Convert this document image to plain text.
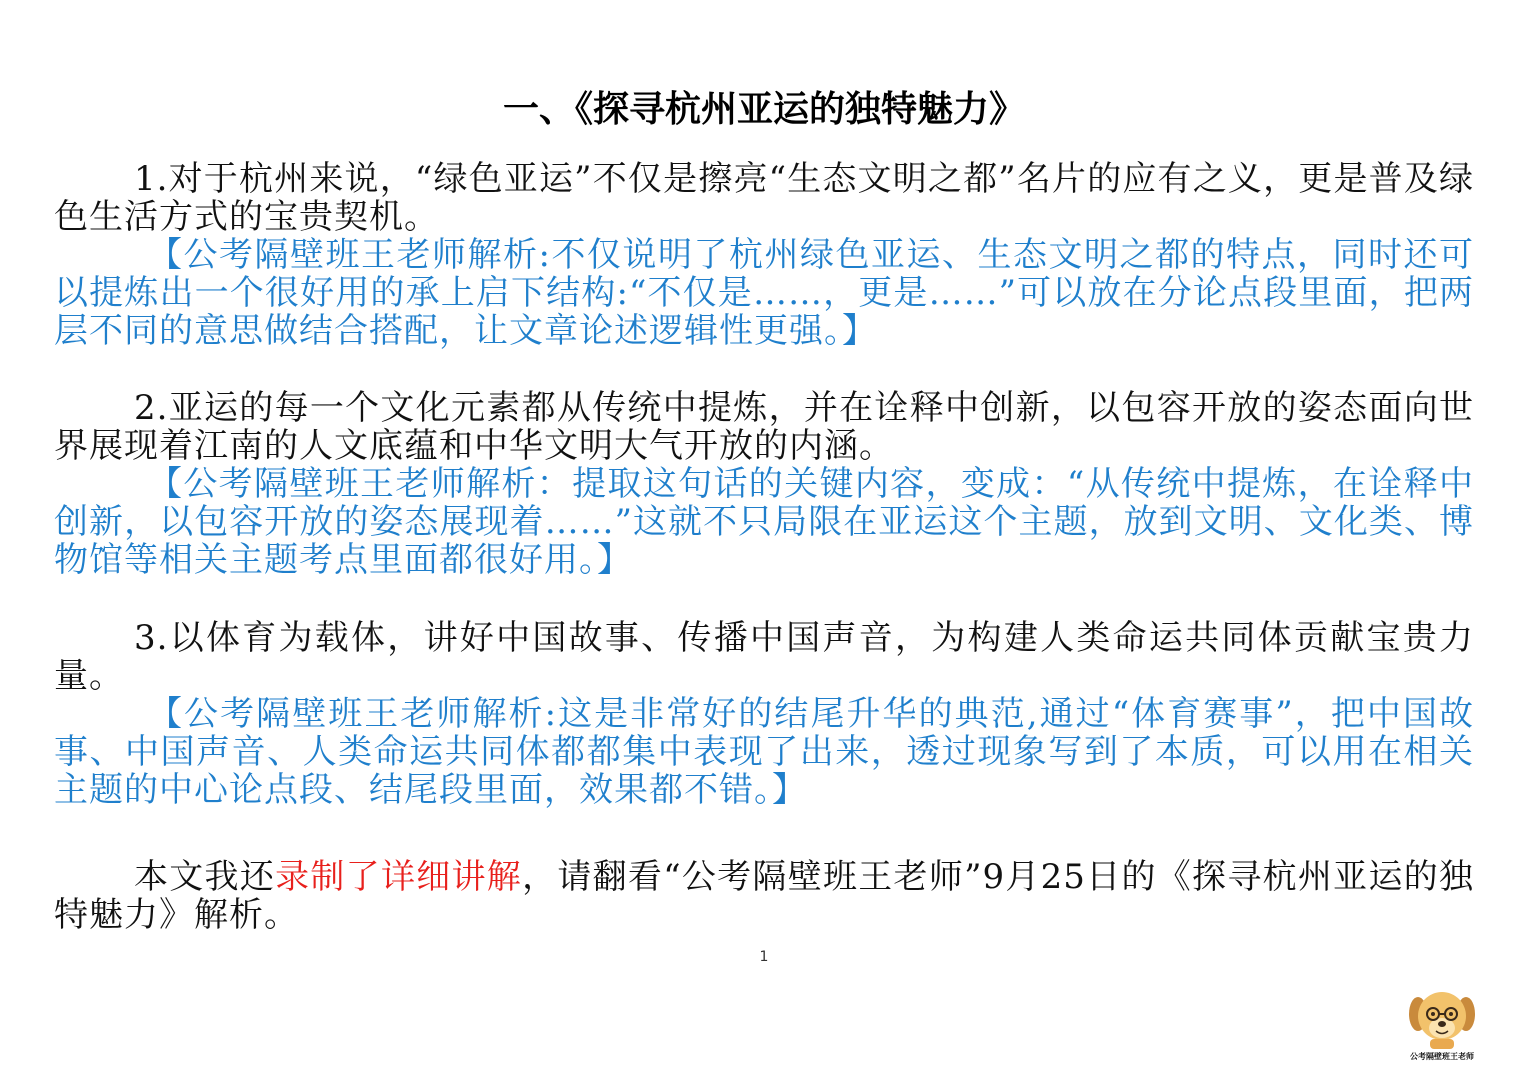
一、《探寻杭州亚运的独特魅力》

1.对于杭州来说，“绿色亚运”不仅是擦亮“生态文明之都”名片的应有之义，更是普及绿色生活方式的宝贵契机。

【公考隔壁班王老师解析:不仅说明了杭州绿色亚运、生态文明之都的特点，同时还可以提炼出一个很好用的承上启下结构:“不仅是……，更是……”可以放在分论点段里面，把两层不同的意思做结合搭配，让文章论述逻辑性更强。】

2.亚运的每一个文化元素都从传统中提炼，并在诠释中创新，以包容开放的姿态面向世界展现着江南的人文底蕴和中华文明大气开放的内涵。

【公考隔壁班王老师解析：提取这句话的关键内容，变成：“从传统中提炼，在诠释中创新，以包容开放的姿态展现着……”这就不只局限在亚运这个主题，放到文明、文化类、博物馆等相关主题考点里面都很好用。】

3.以体育为载体，讲好中国故事、传播中国声音，为构建人类命运共同体贡献宝贵力量。

【公考隔壁班王老师解析:这是非常好的结尾升华的典范,通过“体育赛事”，把中国故事、中国声音、人类命运共同体都都集中表现了出来，透过现象写到了本质，可以用在相关主题的中心论点段、结尾段里面，效果都不错。】

本文我还录制了详细讲解，请翻看“公考隔壁班王老师”9月25日的《探寻杭州亚运的独特魅力》解析。

1
公考隔壁班王老师
